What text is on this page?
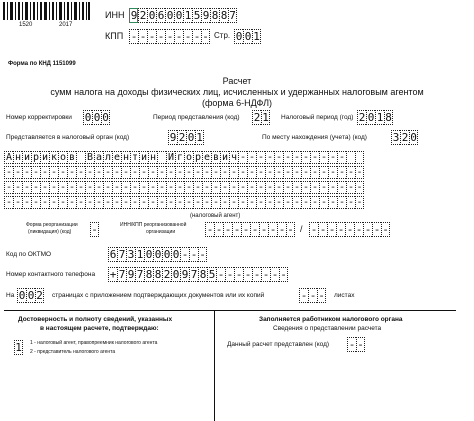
1520	2017
ИНН 9 2 0 6 0 0 1 5 9 8 8 7
КПП - - - - - - - - - Стр. 0 0 1
Форма по КНД 1151099
Расчет
сумм налога на доходы физических лиц, исчисленных и удержанных налоговым агентом
(форма 6-НДФЛ)
Номер корректировки 0 0 0	Период представления (код) 2 1 Налоговый период (год) 2 0 1 8
Представляется в налоговый орган (код)	9 2 0 1	По месту нахождения (учета) (код) 3 2 0
А н и р и к о в В а л е н т и н И г о р е в и ч - - - - - - - - - - - -
- - - - - - - - - - - - - - - - - - - - - - - - - - - - - - - - - - - - - - - -
- - - - - - - - - - - - - - - - - - - - - - - - - - - - - - - - - - - - - - - -
- - - - - - - - - - - - - - - - - - - - - - - - - - - - - - - - - - - - - - - -
(налоговый агент)
Форма реорганизации
(ликвидация) (код) -	ИНН/КПП реорганизованной
организации	- - - - - - - - - - / - - - - - - - - -
Код по ОКТМО	6 7 3 1 0 0 0 0 - - -
Номер контактного телефона + 7 9 7 8 8 2 0 9 7 8 5 - - - - - - - -
На 0 0 2 страницах с приложением подтверждающих документов или их копий	- - - листах
Достоверность и полноту сведений, указанных
в настоящем расчете, подтверждаю:
1 1 - налоговый агент, правопреемник налогового агента
2 - представитель налогового агента
Заполняется работником налогового органа
Сведения о представлении расчета
Данный расчет представлен (код) - -
